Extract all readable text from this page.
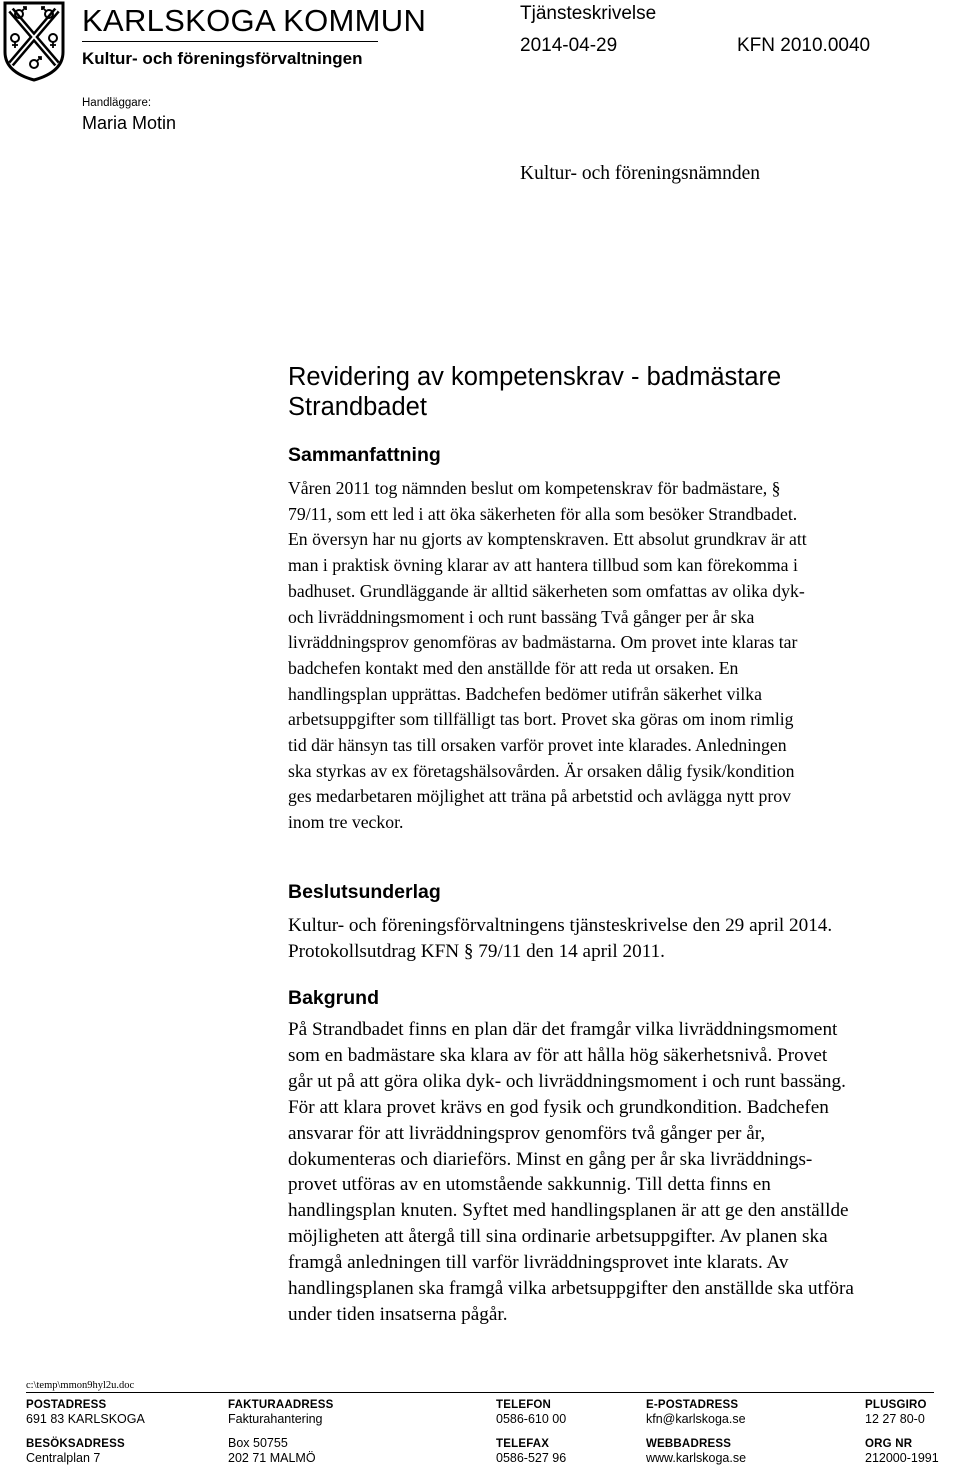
KARLSKOGA KOMMUN
Kultur- och föreningsförvaltningen
Tjänsteskrivelse
2014-04-29	KFN 2010.0040
Handläggare:
Maria Motin
Kultur- och föreningsnämnden
Revidering av kompetenskrav - badmästare
Strandbadet
Sammanfattning
Våren 2011 tog nämnden beslut om kompetenskrav för badmästare, §
79/11, som ett led i att öka säkerheten för alla som besöker Strandbadet.
En översyn har nu gjorts av komptenskraven. Ett absolut grundkrav är att
man i praktisk övning klarar av att hantera tillbud som kan förekomma i
badhuset. Grundläggande är alltid säkerheten som omfattas av olika dyk-
och livräddningsmoment i och runt bassäng Två gånger per år ska
livräddningsprov genomföras av badmästarna. Om provet inte klaras tar
badchefen kontakt med den anställde för att reda ut orsaken. En
handlingsplan upprättas. Badchefen bedömer utifrån säkerhet vilka
arbetsuppgifter som tillfälligt tas bort. Provet ska göras om inom rimlig
tid där hänsyn tas till orsaken varför provet inte klarades. Anledningen
ska styrkas av ex företagshälsovården. Är orsaken dålig fysik/kondition
ges medarbetaren möjlighet att träna på arbetstid och avlägga nytt prov
inom tre veckor.
Beslutsunderlag
Kultur- och föreningsförvaltningens tjänsteskrivelse den 29 april 2014.
Protokollsutdrag KFN § 79/11 den 14 april 2011.
Bakgrund
På Strandbadet finns en plan där det framgår vilka livräddningsmoment
som en badmästare ska klara av för att hålla hög säkerhetsnivå. Provet
går ut på att göra olika dyk- och livräddningsmoment i och runt bassäng.
För att klara provet krävs en god fysik och grundkondition. Badchefen
ansvarar för att livräddningsprov genomförs två gånger per år,
dokumenteras och diarieförs. Minst en gång per år ska livräddnings-
provet utföras av en utomstående sakkunnig. Till detta finns en
handlingsplan knuten. Syftet med handlingsplanen är att ge den anställde
möjligheten att återgå till sina ordinarie arbetsuppgifter. Av planen ska
framgå anledningen till varför livräddningsprovet inte klarats. Av
handlingsplanen ska framgå vilka arbetsuppgifter den anställde ska utföra
under tiden insatserna pågår.
c:\temp\mmon9hyl2u.doc
POSTADRESS
691 83 KARLSKOGA
BESÖKSADRESS
Centralplan 7
FAKTURAADRESS
Fakturahantering
Box 50755
202 71 MALMÖ
TELEFON
0586-610 00
TELEFAX
0586-527 96
E-POSTADRESS
kfn@karlskoga.se
WEBBADRESS
www.karlskoga.se
PLUSGIRO
12 27 80-0
ORG NR
212000-1991
